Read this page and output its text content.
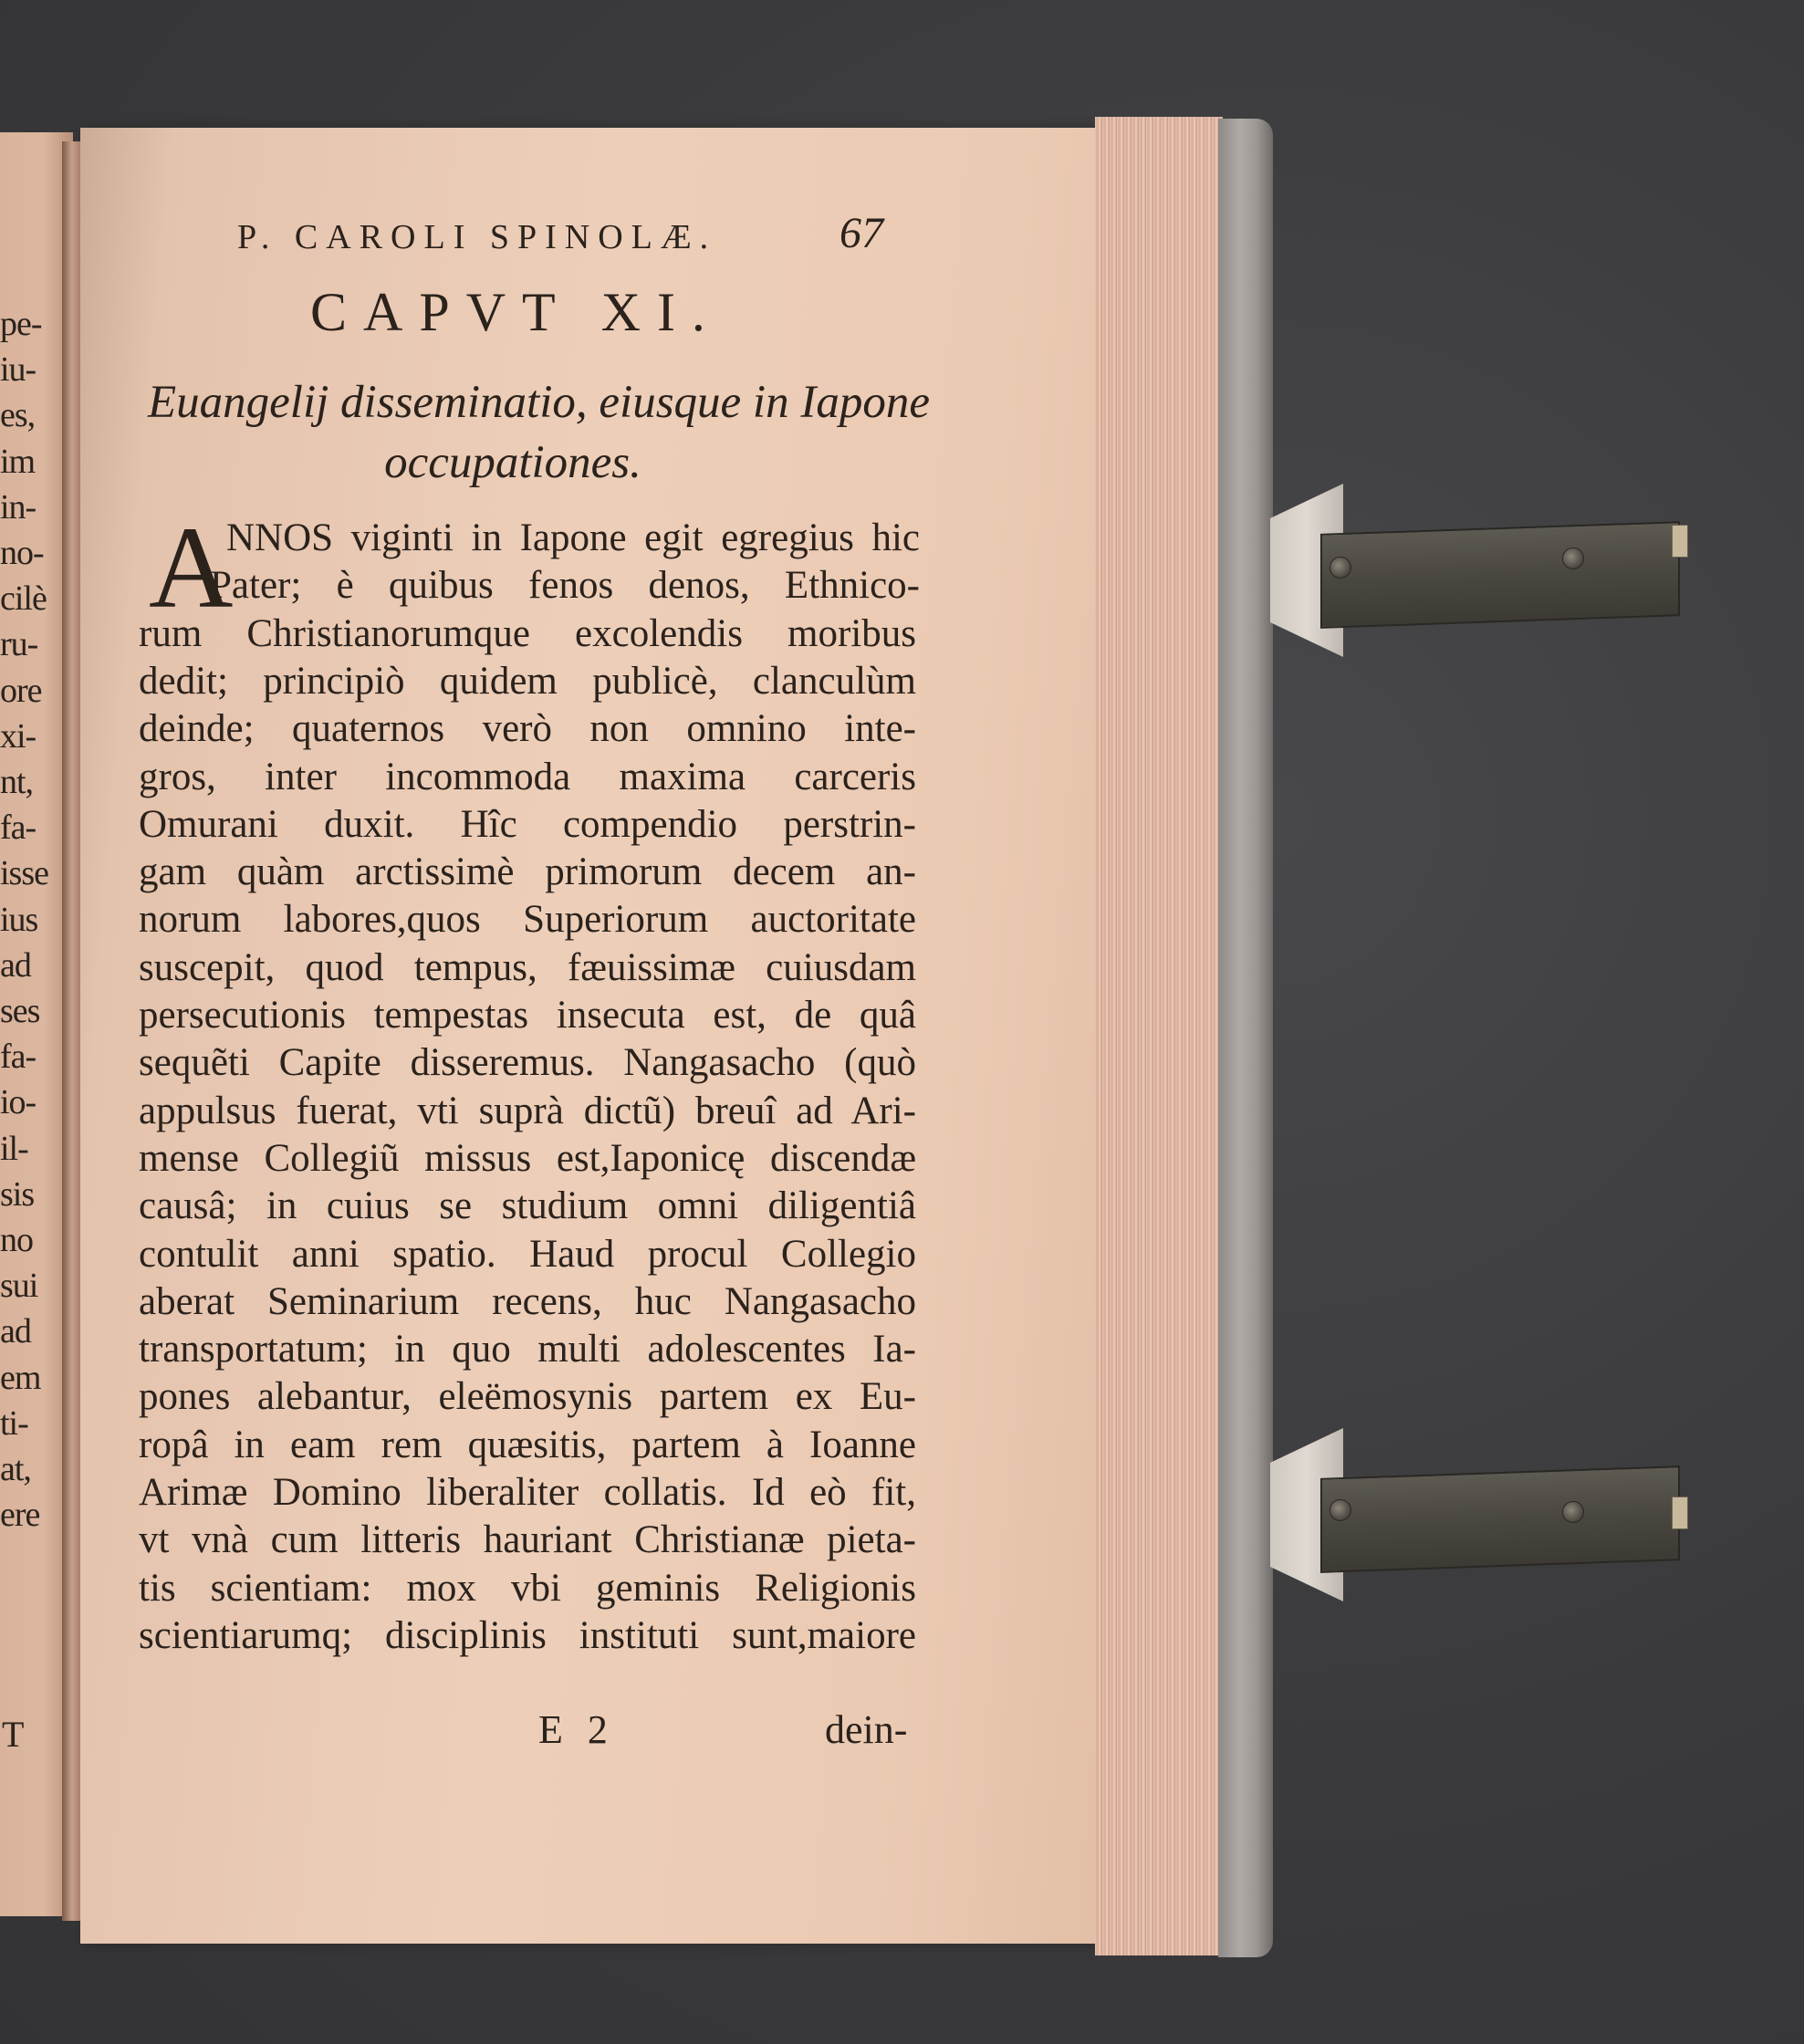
pe-
iu-
es,
im
in-
no-
cilè
ru-
ore
xi-
nt,
fa-
isse
ius
ad
ses
fa-
io-
il-
sis
no
sui
ad
em
ti-
at,
ere
T
P. CAROLI SPINOLÆ.	67
CAPVT XI.
Euangelij disseminatio, eiusque in Iapone
occupationes.
A
NNOS viginti in Iapone egit egregius hic
Pater; è quibus fenos denos, Ethnico-
rum Christianorumque excolendis moribus
dedit; principiò quidem publicè, clanculùm
deinde; quaternos verò non omnino inte-
gros, inter incommoda maxima carceris
Omurani duxit. Hîc compendio perstrin-
gam quàm arctissimè primorum decem an-
norum labores,quos Superiorum auctoritate
suscepit, quod tempus, fæuissimæ cuiusdam
persecutionis tempestas insecuta est, de quâ
sequẽti Capite disseremus. Nangasacho (quò
appulsus fuerat, vti suprà dictũ) breuî ad Ari-
mense Collegiũ missus est,Iaponicę discendæ
causâ; in cuius se studium omni diligentiâ
contulit anni spatio. Haud procul Collegio
aberat Seminarium recens, huc Nangasacho
transportatum; in quo multi adolescentes Ia-
pones alebantur, eleëmosynis partem ex Eu-
ropâ in eam rem quæsitis, partem à Ioanne
Arimæ Domino liberaliter collatis. Id eò fit,
vt vnà cum litteris hauriant Christianæ pieta-
tis scientiam: mox vbi geminis Religionis
scientiarumq; disciplinis instituti sunt,maiore
E 2	dein-
